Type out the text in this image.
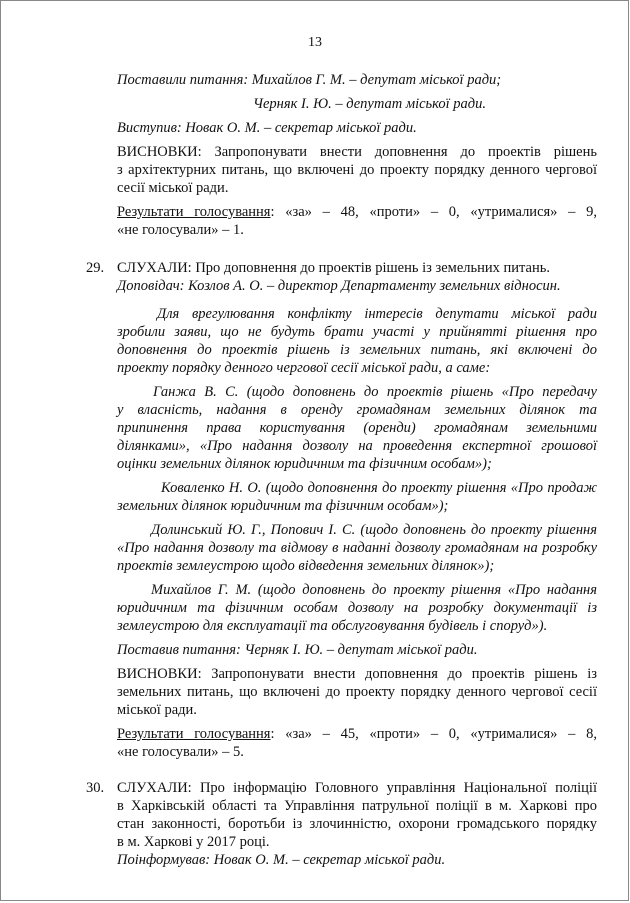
13
Поставили питання: Михайлов Г. М. – депутат міської ради;
Черняк І. Ю. – депутат міської ради.
Виступив: Новак О. М. – секретар міської ради.
ВИСНОВКИ: Запропонувати внести доповнення до проектів рішень
з архітектурних питань, що включені до проекту порядку денного чергової
сесії міської ради.
Результати голосування: «за» – 48, «проти» – 0, «утрималися» – 9,
«не голосували» – 1.
29. СЛУХАЛИ: Про доповнення до проектів рішень із земельних питань.
Доповідач: Козлов А. О. – директор Департаменту земельних відносин.
Для врегулювання конфлікту інтересів депутати міської ради
зробили заяви, що не будуть брати участі у прийнятті рішення про
доповнення до проектів рішень із земельних питань, які включені до
проекту порядку денного чергової сесії міської ради, а саме:
Ганжа В. С. (щодо доповнень до проектів рішень «Про передачу
у власність, надання в оренду громадянам земельних ділянок та
припинення права користування (оренди) громадянам земельними
ділянками», «Про надання дозволу на проведення експертної грошової
оцінки земельних ділянок юридичним та фізичним особам»);
Коваленко Н. О. (щодо доповнення до проекту рішення «Про продаж
земельних ділянок юридичним та фізичним особам»);
Долинський Ю. Г., Попович І. С. (щодо доповнень до проекту рішення
«Про надання дозволу та відмову в наданні дозволу громадянам на розробку
проектів землеустрою щодо відведення земельних ділянок»);
Михайлов Г. М. (щодо доповнень до проекту рішення «Про надання
юридичним та фізичним особам дозволу на розробку документації із
землеустрою для експлуатації та обслуговування будівель і споруд»).
Поставив питання: Черняк І. Ю. – депутат міської ради.
ВИСНОВКИ: Запропонувати внести доповнення до проектів рішень із
земельних питань, що включені до проекту порядку денного чергової сесії
міської ради.
Результати голосування: «за» – 45, «проти» – 0, «утрималися» – 8,
«не голосували» – 5.
30. СЛУХАЛИ: Про інформацію Головного управління Національної поліції
в Харківській області та Управління патрульної поліції в м. Харкові про
стан законності, боротьби із злочинністю, охорони громадського порядку
в м. Харкові у 2017 році.
Поінформував: Новак О. М. – секретар міської ради.
